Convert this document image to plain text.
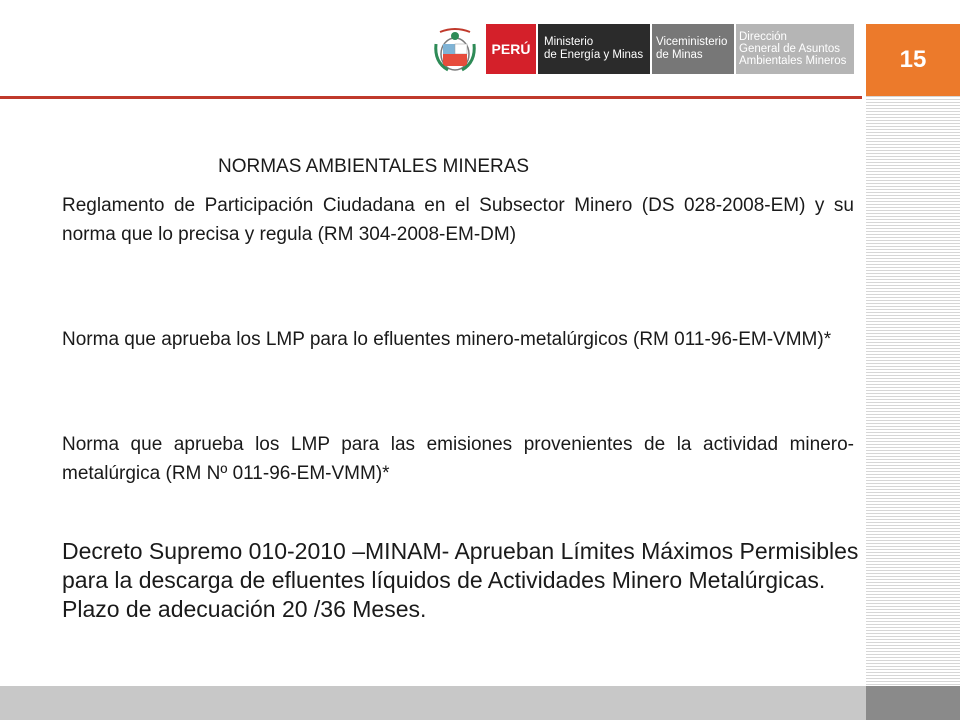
15
PERÚ Ministerio
de Energía y Minas
Viceministerio
de Minas
Dirección
General de Asuntos
Ambientales Mineros
NORMAS AMBIENTALES MINERAS
Reglamento de Participación Ciudadana en el Subsector Minero (DS 028-2008-EM) y su norma que lo precisa y regula (RM 304-2008-EM-DM)
Norma que aprueba los LMP para lo efluentes minero-metalúrgicos (RM 011-96-EM-VMM)*
Norma que aprueba los LMP para las emisiones provenientes de la actividad minero-metalúrgica (RM Nº 011-96-EM-VMM)*
Decreto Supremo 010-2010 –MINAM- Aprueban Límites Máximos Permisibles para la descarga de efluentes líquidos de Actividades Minero Metalúrgicas. Plazo de adecuación 20 /36 Meses.
